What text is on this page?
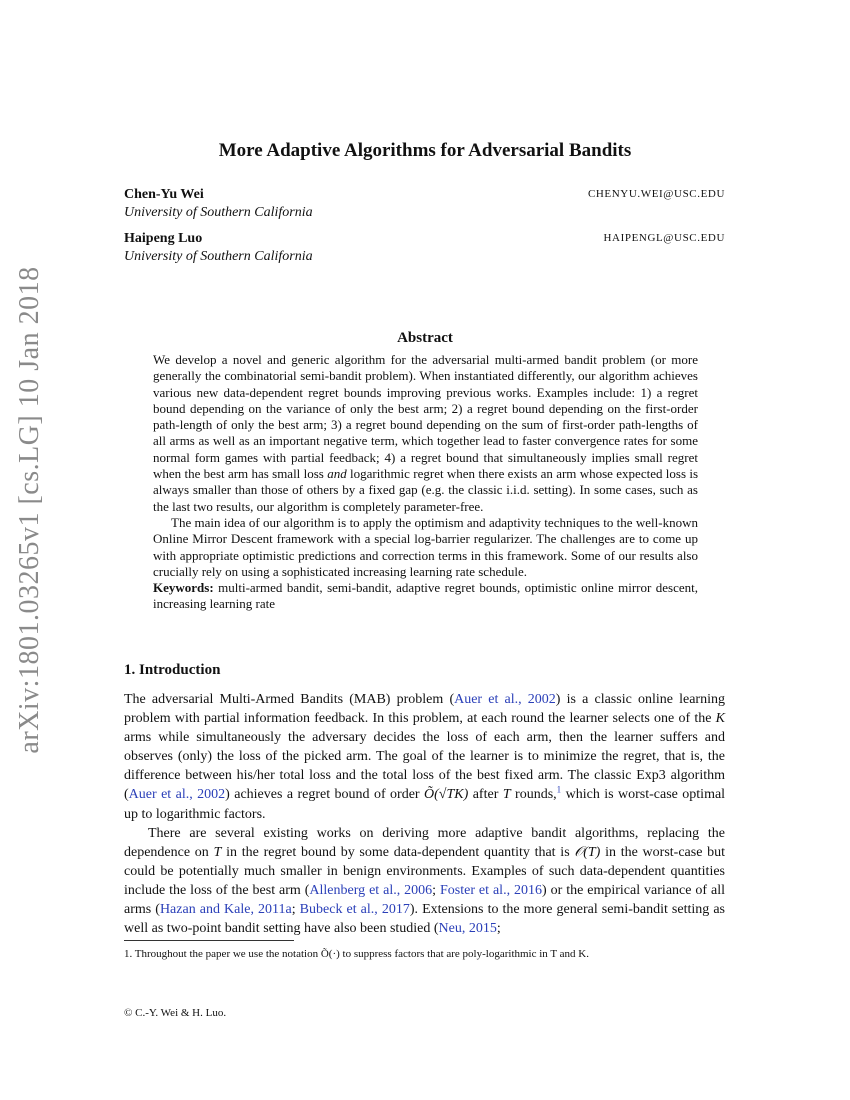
arXiv:1801.03265v1 [cs.LG] 10 Jan 2018
More Adaptive Algorithms for Adversarial Bandits
Chen-Yu Wei	CHENYU.WEI@USC.EDU
University of Southern California
Haipeng Luo	HAIPENGL@USC.EDU
University of Southern California
Abstract

We develop a novel and generic algorithm for the adversarial multi-armed bandit problem (or more generally the combinatorial semi-bandit problem). When instantiated differently, our algorithm achieves various new data-dependent regret bounds improving previous works. Examples include: 1) a regret bound depending on the variance of only the best arm; 2) a regret bound depending on the first-order path-length of only the best arm; 3) a regret bound depending on the sum of first-order path-lengths of all arms as well as an important negative term, which together lead to faster convergence rates for some normal form games with partial feedback; 4) a regret bound that simultaneously implies small regret when the best arm has small loss and logarithmic regret when there exists an arm whose expected loss is always smaller than those of others by a fixed gap (e.g. the classic i.i.d. setting). In some cases, such as the last two results, our algorithm is completely parameter-free.

The main idea of our algorithm is to apply the optimism and adaptivity techniques to the well-known Online Mirror Descent framework with a special log-barrier regularizer. The challenges are to come up with appropriate optimistic predictions and correction terms in this framework. Some of our results also crucially rely on using a sophisticated increasing learning rate schedule.

Keywords: multi-armed bandit, semi-bandit, adaptive regret bounds, optimistic online mirror descent, increasing learning rate

1. Introduction

The adversarial Multi-Armed Bandits (MAB) problem (Auer et al., 2002) is a classic online learning problem with partial information feedback. In this problem, at each round the learner selects one of the K arms while simultaneously the adversary decides the loss of each arm, then the learner suffers and observes (only) the loss of the picked arm. The goal of the learner is to minimize the regret, that is, the difference between his/her total loss and the total loss of the best fixed arm. The classic Exp3 algorithm (Auer et al., 2002) achieves a regret bound of order Õ(√TK) after T rounds,$^1$ which is worst-case optimal up to logarithmic factors.

There are several existing works on deriving more adaptive bandit algorithms, replacing the dependence on T in the regret bound by some data-dependent quantity that is 𝒪(T) in the worst-case but could be potentially much smaller in benign environments. Examples of such data-dependent quantities include the loss of the best arm (Allenberg et al., 2006; Foster et al., 2016) or the empirical variance of all arms (Hazan and Kale, 2011a; Bubeck et al., 2017). Extensions to the more general semi-bandit setting as well as two-point bandit setting have also been studied (Neu, 2015;

1. Throughout the paper we use the notation Õ(·) to suppress factors that are poly-logarithmic in T and K.
© C.-Y. Wei & H. Luo.
